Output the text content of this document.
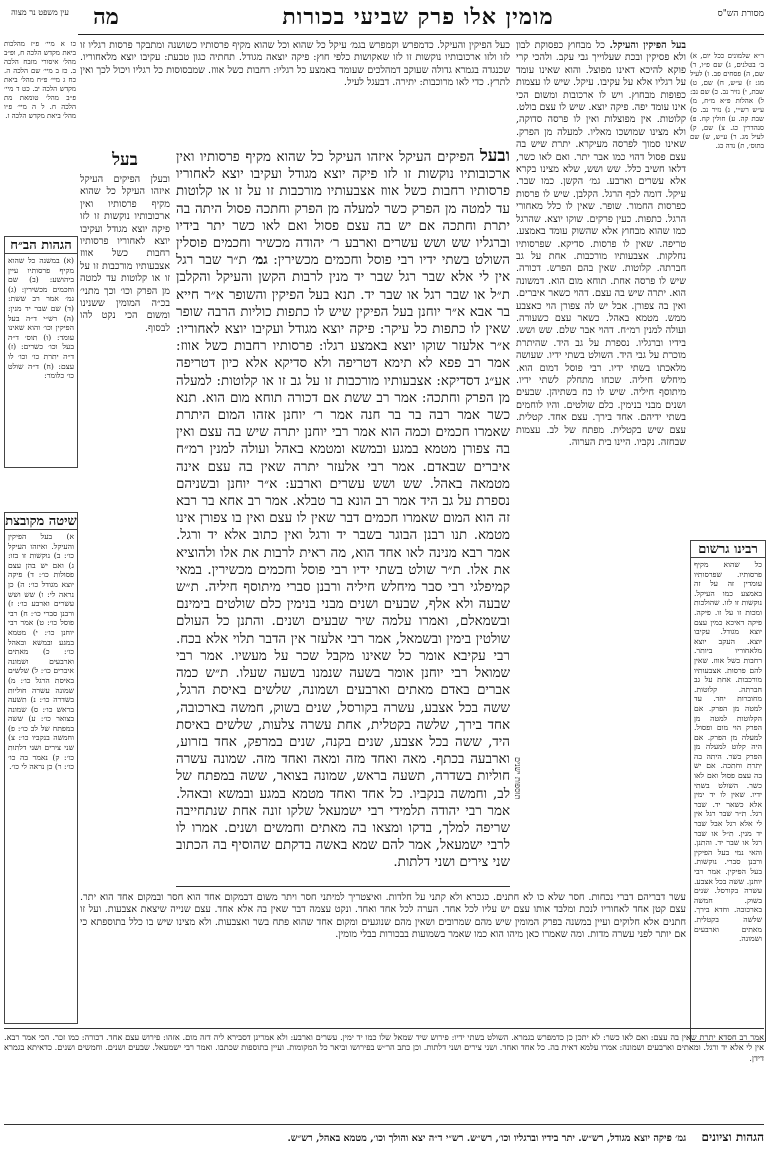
עין משפט נר מצוה	מה	מומין אלו פרק שביעי בכורות	מסורת הש"ס

כעל הפיקין והעיקל. כדמפרש וקמפרש בגמ׳ עיקל כל שהוא וכל שהוא מקיף פרסותיו כשושנה ומתבקר פרסות רגליו זו לזו ולזו ארכובותיו נוקשות זו לזו שאקושות כלפי חוץ: פיקה יוצאה מגודל. תחתיה כגון טבעת: עקיבו יוצא מלאחוריו. שכנגדה בגמרא גדולה שעוקב דמהלכים שעומד באמצע כל רגליו: רחבות כשל אווז. שמבסוסות כל רגליו ויכול לכך ואין לתרץ. כדי לאו מרוכבות: יתירה. דבעגל לעיל.

בעל

ובעלן הפיקים העיקל איזהו העיקל כל שהוא מקיף פרסותיו ואין ארכובותיו נוקשות זו לזו פיקה יוצא מגודל ועקיבו יוצא לאחוריו פרסותיו רחבות כשל אווז אצבעותיו מורכבות זו על זו או קלוטות עד למטה מן הפרק וכו׳ וכך מתני׳ בכ״ה המומין ששנינו ומשום הכי נקט להו לבסוף.

ובעל הפיקים העיקל איזהו העיקל כל שהוא מקיף פרסותיו ואין ארכובותיו נוקשות זו לזו פיקה יוצא מגודל ועקיבו יוצא לאחוריו פרסותיו רחבות כשל אווז אצבעותיו מורכבות זו על זו או קלוטות עד למטה מן הפרק כשר למעלה מן הפרק וחתכה פסול היתה בה יתרת וחתכה אם יש בה עצם פסול ואם לאו כשר יתר בידיו וברגליו שש ושש עשרים וארבע ר׳ יהודה מכשיר וחכמים פוסלין השולט בשתי ידיו רבי פוסל וחכמים מכשירין: גמ׳ ת״ר שבר רגל אין לי אלא שבר רגל שבר יד מנין לרבות הקשן והעיקל והקלבן ת״ל או שבר רגל או שבר יד. תנא בעל הפיקין והשופר א״ר חייא בר אבא א״ר יוחנן בעל הפיקין שיש לו כתפות כוליות הרבה שופר שאין לו כתפות כל עיקר: פיקה יוצא מגודל ועקיבו יוצא לאחוריו: א״ר אלעזר שוקו יוצא באמצע רגלו: פרסותיו רחבות כשל אווז: אמר רב פפא לא תימא דטריפה ולא סדיקא אלא כיון דטריפה אע״ג דסדיקא: אצבעותיו מורכבות זו על גב זו או קלוטות: למעלה מן הפרק וחתכה: אמר רב ששת אם דכורה תוחא מום הוא. תנא כשר אמר רבה בר בר חנה אמר ר׳ יוחנן אזהו המום היתרת שאמרו חכמים וכמה הוא אמר רבי יוחנן יתרה שיש בה עצם ואין בה צפורן מטמא במגע ובמשא ומטמא באהל ועולה למנין רמ״ח איברים שבאדם. אמר רבי אלעזר יתרה שאין בה עצם אינה מטמאה באהל. שש ושש עשרים וארבע: א״ר יוחנן ובשניהם נספרת על גב היד אמר רב הונא בר טבלא. אמר רב אחא בר רבא זה הוא המום שאמרו חכמים דבר שאין לו עצם ואין בו צפורן אינו מטמא. תנו רבנן הבוגר בשבר יד ורגל ואין כתוב אלא יד ורגל. אמר רבא מנינה לאו אחד הוא, מה ראית לרבות את אלו ולהוציא את אלו. ת״ר שולט בשתי ידיו רבי פוסל וחכמים מכשירין. במאי קמיפלגי רבי סבר מיחלש חיליה ורבנן סברי מיתוסף חיליה. ת״ש שבעה ולא אלף, שבעים ושנים מבני בנימין כלם שולטים בימינם ובשמאלם, ואמרו עלמה שיר שבעים ושנים. והתנן כל העולם שולטין בימין ובשמאל, אמר רבי אלעזר אין הדבר תלוי אלא בכח. רבי עקיבא אומר כל שאינו מקבל שכר על מעשיו. אמר רבי שמואל רבי יוחנן אומר בשעה שנמנו בשעה שעלו. ת״ש כמה אברים באדם מאתים וארבעים ושמונה, שלשים באיסת הרגל, ששה בכל אצבע, עשרה בקורסל, שנים בשוק, חמשה בארכובה, אחד בירך, שלשה בקטלית, אחת עשרה צלעות, שלשים באיסת היד, ששה בכל אצבע, שנים בקנה, שנים במרפק, אחד בזרוע, וארבעה בכתף. מאה ואחד מזה ומאה ואחד מזה. שמונה עשרה חוליות בשדרה, תשעה בראש, שמונה בצואר, ששה במפתח של לב, וחמשה בנקביו. כל אחד ואחד מטמא במגע ובמשא ובאהל. אמר רבי יהודה תלמידי רבי ישמעאל שלקו זונה אחת שנתחייבה שריפה למלך, בדקו ומצאו בה מאתים וחמשים ושנים. אמרו לו לרבי ישמעאל, אמר להם שמא באשה בדקתם שהוסיף בה הכתוב שני צירים ושני דלתות.

בעל הפיקין והעיקל. כל מבחוץ כפסוקת לבון ולא פסיקין ובכת שעלוייך גבי עקב. ולהכי קרי פוקא להיכא דאינו מפוצל. והוא שאינו עומד על רגליו אלא על עקיבו. עיקל. שיש לו עצמות כפופות מבחוץ. ויש לו ארכובות ומשום הכי אינו עומד יפה. פיקה יוצא. שיש לו עצם בולט. קלוטות. אין מפוצלות ואין לו פרסה סדוקה, ולא מצינו שמושכו מאליו. למעלה מן הפרק. שאינו סמוך לפרסה מעיקרא. יתרת שיש בה עצם פסול דהוי כמו אבר יתר. ואם לאו כשר, דלאו חשיב כלל. שש ושש, שלא מצינו בקרא אלא עשרים וארבע. גמ׳ הקשן. כמו שבר. עיקל. דומה לכף הרגל. הקלבן. שיש לו פרסות כפרסות החמור. שופר. שאין לו כלל מאחורי הרגל. כתפות. כעין פרקים. שוקו יוצא. שהרגל כמו שהוא מבחוץ אלא שהשוק עומד באמצע. טריפה. שאין לו פרסות. סדיקא. שפרסותיו נחלקות. אצבעותיו מורכבות. אחת על גב חברתה. קלוטות. שאין בהם הפרש. דכורה. שיש לו פרסה אחת. תוחא מום הוא. דמשונה הוא. יתרה שיש בה עצם. דהוי כשאר איברים. ואין בה צפורן. אבל יש לה צפורן הוי כאצבע ממש. מטמא באהל. כשאר עצם כשעורה. ועולה למנין רמ״ח. דהוי אבר שלם. שש ושש. בידיו וברגליו. נספרת על גב היד. שהיתרת מוכרת על גבי היד. השולט בשתי ידיו. שעושה מלאכתו בשתי ידיו. רבי פוסל דמום הוא. מיחלש חיליה. שכחו מתחלק לשתי ידיו. מיתוסף חיליה. שיש לו כח בשתיהן. שבעים ושנים מבני בנימין. כלם שולטים. והיו לוחמים בשתי ידיהם. אחד בירך. עצם אחד. קטלית. עצם שיש בקטלית. מפתח של לב. עצמות שבחזה. נקביו. היינו בית הערוה.

תוספות ישנים

עשר דבריהם דברי נכחות. חסר שלא כו לא חתנים. כגכרא ולא קתני על חלדות. ואיצטריך למיתני חסר ויתר משום דבמקום אחד הוא חסר ובמקום אחד הוא יתר. עצם קטן אחד לאחוריו לנכת ומלבד אותו עצם יש עליו לכל אחד. הערה לכל אחד ואחד. ונקט עצמה דבר שאין בה אלא אחד. עצם שנייה שיצאת אצבעות. ועל זו חתנים אלא חלוקים ועיין במשנה בפרק המומין שיש מהם שמרובים ושאין מהם שנוגעים ומקום אחד שהוא פתח בשר ואצבעות. ולא מצינו שיש בו כלל בתוספתא כי אם יותר לפני עשרה מדות. ומה שאמרו כאן מיהו הוא כמו שאמר בשמועות בבכורות בבלי מומין.

ר״א שלמונים ככל יום, א) ב׳ בטלנים, ג) שם פ״ו, ד) שם, ה) פסחים פב. ו) לעיל מג: ז) ע״ש, ח) שם, ט) שבת, י) נזיר נב. כ) שם נב: ל) אהלות פ״א מ״ח, מ) ע״ש רש״י, נ) נזיר נב. ס) שבת קה. ע) חולין קח. פ) סנהדרין כג. צ) שם, ק) לעיל מג. ר) ע״ש, ש) שם בתוס׳, ת) נדה כג.

רבינו גרשום
כל שהוא מקיף פרסותיו. שפרסותיו עומדין זה על זה באמצע כמו העיקל. נוקשות זו לזו. שהולכות ומכות זו על זו. פיקה. פיקה דאיכא כמין עצם יוצא מגודל. עקיבו יוצא. העקב יוצא מלאחוריו ביותר. רחבות כשל אווז. שאין להם פרסות. אצבעותיו מורכבות. אחת על גב חברתה. קלוטות. מחוברות יחד. עד למטה מן הפרק. אם הקלוטות למטה מן הפרק הוי מום ופסול. למעלה מן הפרק. אם היה קלוט למעלה מן הפרק כשר. היתה בה יתרת וחתכה. אם יש בה עצם פסול ואם לאו כשר. השולט בשתי ידיו. שאין לו יד ימין אלא כשאר יד. שבר רגל. ת״ר שבר רגל אין לי אלא רגל אבל שבר יד מנין. ת״ל או שבר רגל או שבר יד. והתנן. והאי נמי בעל הפיקין ורבנן סברי. נוקשות. בעל הפיקין. אמר רבי יוחנן. ששה בכל אצבע. עשרה בקורסל. שנים בשוק. חמשה בארכובה. וחדא בירך. שלשה בקטלית. מאתים וארבעים ושמונה.

כו א מיי׳ פ״ז מהלכות ביאת מקדש הלכה ח, ופ״ב מהל׳ איסורי מזבח הלכה ב. כז ב מיי׳ שם הלכה ה. כח ג מיי׳ פ״ח מהל׳ ביאת מקדש הלכה יב. כט ד מיי׳ פ״ב מהל׳ טומאת מת הלכה ח. ל ה מיי׳ פ״ו מהל׳ ביאת מקדש הלכה ז.

הגהות הב״ח
(א) במשנה כל שהוא מקיף פרסותיו עיין ביהושע: (ב) שם וחכמים מכשירין: (ג) גמ׳ אמר רב ששת: (ד) שם שבר יד מנין: (ה) רש״י ד״ה בעל הפיקין וכו׳ והוא שאינו עומד: (ו) תוס׳ ד״ה בעל וכו׳ כשרים: (ז) ד״ה יתרת כו׳ וכו׳ לו עצם: (ח) ד״ה שולט כו׳ כלומר:
שיטה מקובצת
א) בעל הפיקין והעיקל. ואיזהו העיקל כו׳: ב) נוקשות זו בזו: ג) ואם יש בהן עצם פסולות כו׳: ד) פיקה יוצא מגודל כו׳: ה) כן נראה לי: ו) שש ושש עשרים וארבע כו׳: ז) ורבנן סברי כו׳: ח) רבי פוסל כו׳: ט) אמר רבי יוחנן כו׳: י) מטמא במגע ובמשא ובאהל כו׳: כ) מאתים וארבעים ושמונה איברים כו׳: ל) שלשים באיסת הרגל כו׳: מ) שמונה עשרה חוליות בשדרה כו׳: נ) תשעה בראש כו׳: ס) שמונה בצואר כו׳: ע) ששה במפתח של לב כו׳: פ) וחמשה בנקביו כו׳: צ) שני צירים ושני דלתות כו׳: ק) נאמר בה כו׳ כו׳: ר) כן נראה לי כו׳.

אמר רב חסדא יתרת שאין בה עצם: ואם לאו כשר: לא יתכן כן כדמפרש בגמרא. השולט בשתי ידיו: פירוש שיד שמאל שלו כמו יד ימין. עשרים וארבע: ולא אמרינן דסבירא ליה דזה מום. אזהו: פירוש עצם אחד. דכורה: כמו זכר. הכי אמר רבא. אין לי אלא יד ורגל. ומאתים וארבעים ושמונה: אמרו עלמא דאית בה. כל אחד ואחד. ושני צירים ושני דלתות. וכן כתב הר״ש בפירושו וביאר כל המקומות. ועיין בתוספות שכתבו. ואמר רבי ישמעאל. שבעים ושנים. וחמשים ושנים. כדאיתא בגמרא דידן.

הגהות וציונים גמ׳ פיקה יוצא מגודל, רש״ש. יתר בידיו וברגליו וכו׳, רש״ש. רש״י ד״ה יצא והולך וכו׳, מטמא באהל, רש״ש.
